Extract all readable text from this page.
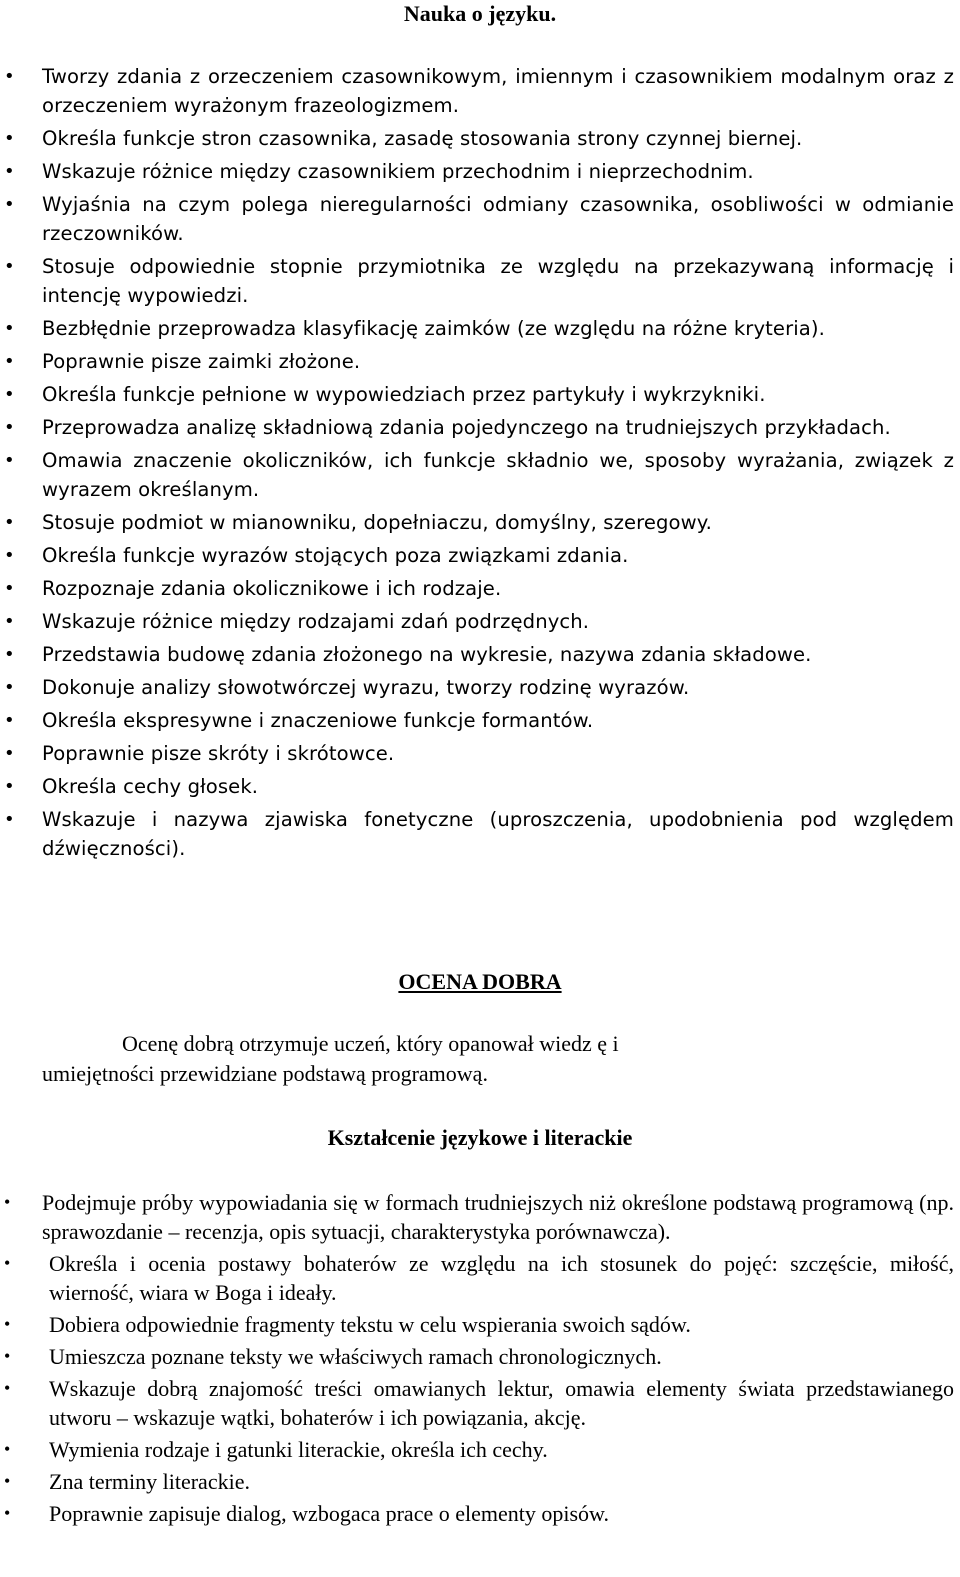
Nauka o języku.
• Tworzy zdania z orzeczeniem czasownikowym, imiennym i czasownikiem modalnym oraz z orzeczeniem wyrażonym frazeologizmem.
• Określa funkcje stron czasownika, zasadę stosowania strony czynnej biernej.
• Wskazuje różnice między czasownikiem przechodnim i nieprzechodnim.
• Wyjaśnia na czym polega nieregularności odmiany czasownika, osobliwości w odmianie rzeczowników.
• Stosuje odpowiednie stopnie przymiotnika ze względu na przekazywaną informację i intencję wypowiedzi.
• Bezbłędnie przeprowadza klasyfikację zaimków (ze względu na różne kryteria).
• Poprawnie pisze zaimki złożone.
• Określa funkcje pełnione w wypowiedziach przez partykuły i wykrzykniki.
• Przeprowadza analizę składniową zdania pojedynczego na trudniejszych przykładach.
• Omawia znaczenie okoliczników, ich funkcje składnio we, sposoby wyrażania, związek z wyrazem określanym.
• Stosuje podmiot w mianowniku, dopełniaczu, domyślny, szeregowy.
• Określa funkcje wyrazów stojących poza związkami zdania.
• Rozpoznaje zdania okolicznikowe i ich rodzaje.
• Wskazuje różnice między rodzajami zdań podrzędnych.
• Przedstawia budowę zdania złożonego na wykresie, nazywa zdania składowe.
• Dokonuje analizy słowotwórczej wyrazu, tworzy rodzinę wyrazów.
• Określa ekspresywne i znaczeniowe funkcje formantów.
• Poprawnie pisze skróty i skrótowce.
• Określa cechy głosek.
• Wskazuje i nazywa zjawiska fonetyczne (uproszczenia, upodobnienia pod względem dźwięczności).
OCENA DOBRA

Ocenę dobrą otrzymuje uczeń, który opanował wiedz ę i
umiejętności przewidziane podstawą programową.

Kształcenie językowe i literackie
• Podejmuje próby wypowiadania się w formach trudniejszych niż określone podstawą programową (np. sprawozdanie – recenzja, opis sytuacji, charakterystyka porównawcza).
• Określa i ocenia postawy bohaterów ze względu na ich stosunek do pojęć: szczęście, miłość, wierność, wiara w Boga i ideały.
• Dobiera odpowiednie fragmenty tekstu w celu wspierania swoich sądów.
• Umieszcza poznane teksty we właściwych ramach chronologicznych.
• Wskazuje dobrą znajomość treści omawianych lektur, omawia elementy świata przedstawianego utworu – wskazuje wątki, bohaterów i ich powiązania, akcję.
• Wymienia rodzaje i gatunki literackie, określa ich cechy.
• Zna terminy literackie.
• Poprawnie zapisuje dialog, wzbogaca prace o elementy opisów.
